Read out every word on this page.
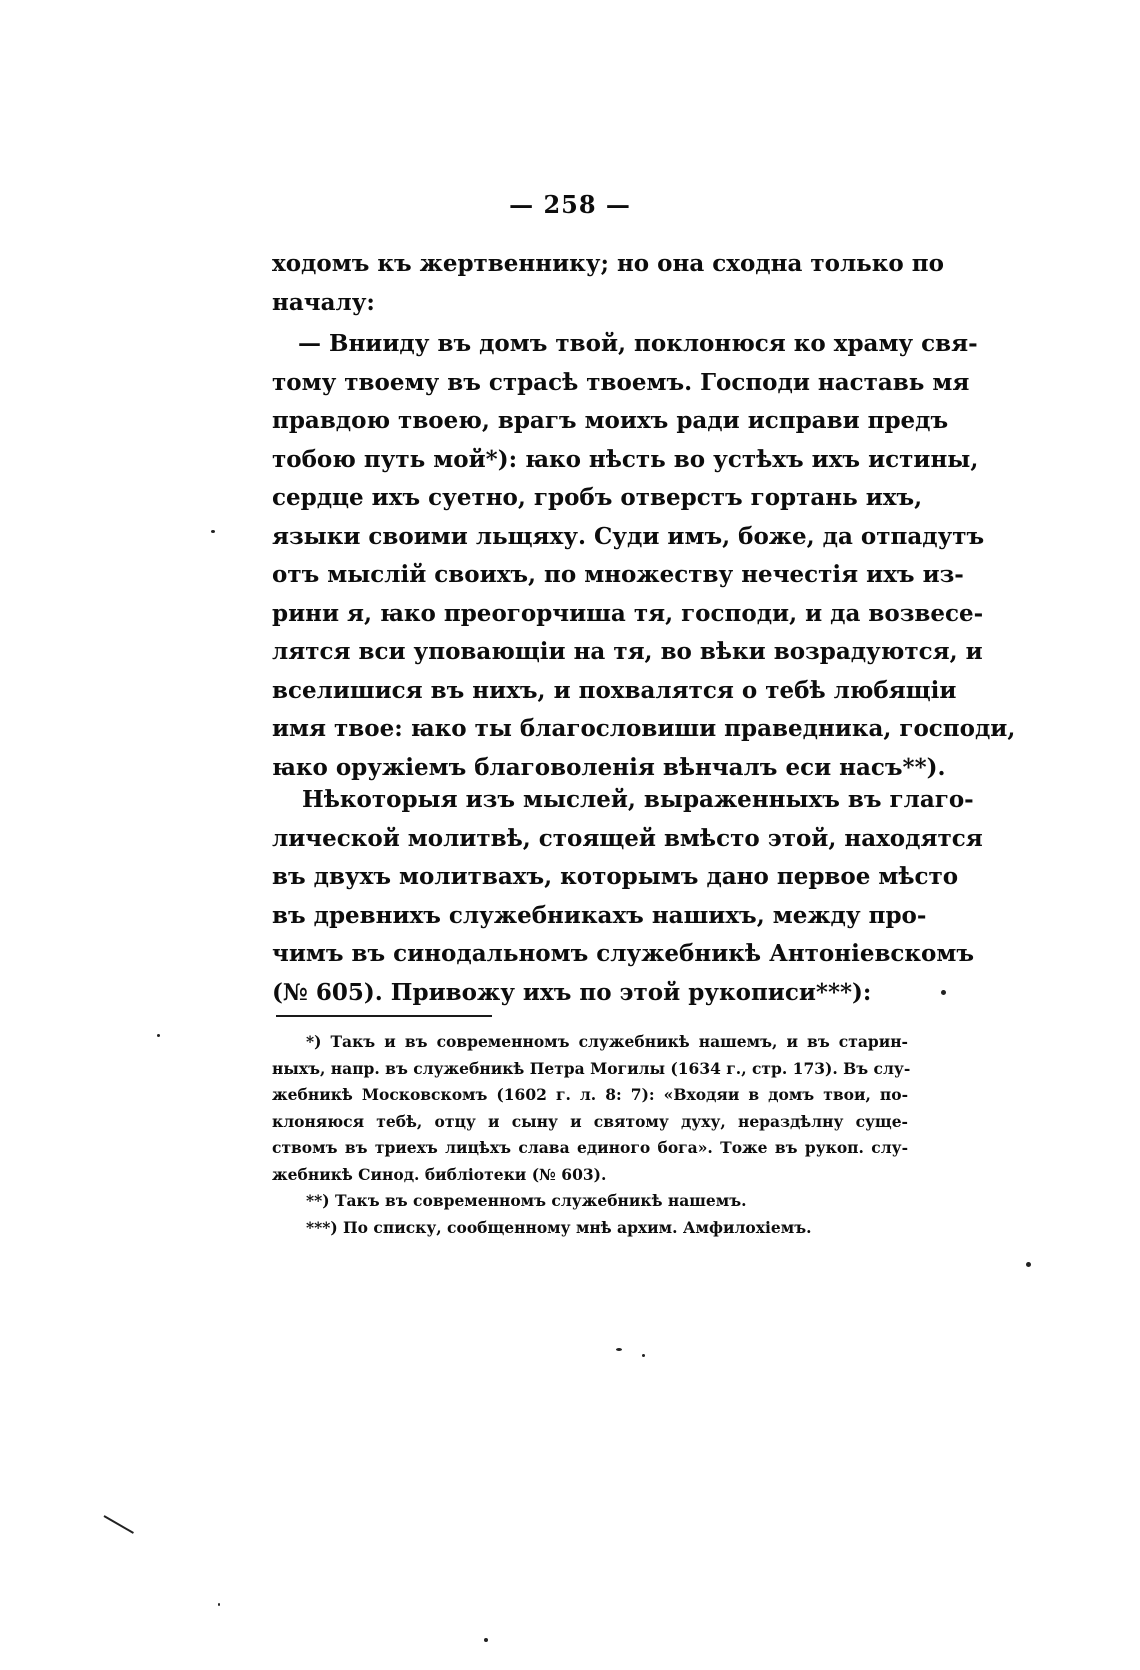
— 258 —
ходомъ къ жертвеннику; но она сходна только по
началу:
— Внииду въ домъ твой, поклонюся ко храму свя-
тому твоему въ страсѣ твоемъ. Господи наставь мя
правдою твоею, врагъ моихъ ради исправи предъ
тобою путь мой*): ꙗко нѣсть во устѣхъ ихъ истины,
сердце ихъ суетно, гробъ отверстъ гортань ихъ,
языки своими льщяху. Суди имъ, боже, да отпадутъ
отъ мыслій своихъ, по множеству нечестія ихъ из-
рини я, ꙗко преогорчиша тя, господи, и да возвесе-
лятся вси уповающіи на тя, во вѣки возрадуются, и
вселишися въ нихъ, и похвалятся о тебѣ любящіи
имя твое: ꙗко ты благословиши праведника, господи,
ꙗко оружіемъ благоволенія вѣнчалъ еси насъ**).
Нѣкоторыя изъ мыслей, выраженныхъ въ глаго-
лической молитвѣ, стоящей вмѣсто этой, находятся
въ двухъ молитвахъ, которымъ дано первое мѣсто
въ древнихъ служебникахъ нашихъ, между про-
чимъ въ синодальномъ служебникѣ Антоніевскомъ
(№ 605). Привожу ихъ по этой рукописи***):
*) Такъ и въ современномъ служебникѣ нашемъ, и въ старин-
ныхъ, напр. въ служебникѣ Петра Могилы (1634 г., стр. 173). Въ слу-
жебникѣ Московскомъ (1602 г. л. 8: 7): «Входяи в домъ твои, по-
клоняюся тебѣ, отцу и сыну и святому духу, нераздѣлну суще-
ствомъ въ триехъ лицѣхъ слава единого бога». Тоже въ рукоп. слу-
жебникѣ Синод. библіотеки (№ 603).
**) Такъ въ современномъ служебникѣ нашемъ.
***) По списку, сообщенному мнѣ архим. Амфилохіемъ.
